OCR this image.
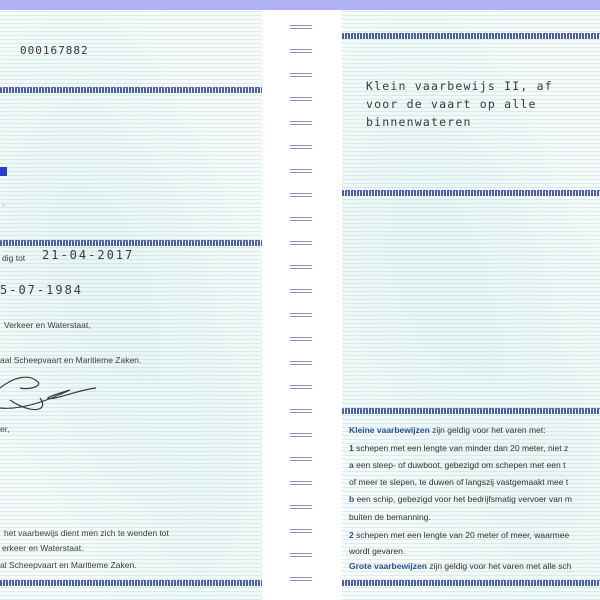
000167882
·
dig tot 21-04-2017
5-07-1984
Verkeer en Waterstaat,
aal Scheepvaart en Maritieme Zaken.
er,
het vaarbewijs dient men zich te wenden tot
erkeer en Waterstaat.
al Scheepvaart en Maritieme Zaken.
Klein vaarbewijs II, af
voor de vaart op alle
binnenwateren
Kleine vaarbewijzen zijn geldig voor het varen met:
1 schepen met een lengte van minder dan 20 meter, niet z
a een sleep- of duwboot, gebezigd om schepen met een t
of meer te slepen, te duwen of langszij vastgemaakt mee t
b een schip, gebezigd voor het bedrijfsmatig vervoer van m
buiten de bemanning.
2 schepen met een lengte van 20 meter of meer, waarmee
wordt gevaren.
Grote vaarbewijzen zijn geldig voor het varen met alle sch
